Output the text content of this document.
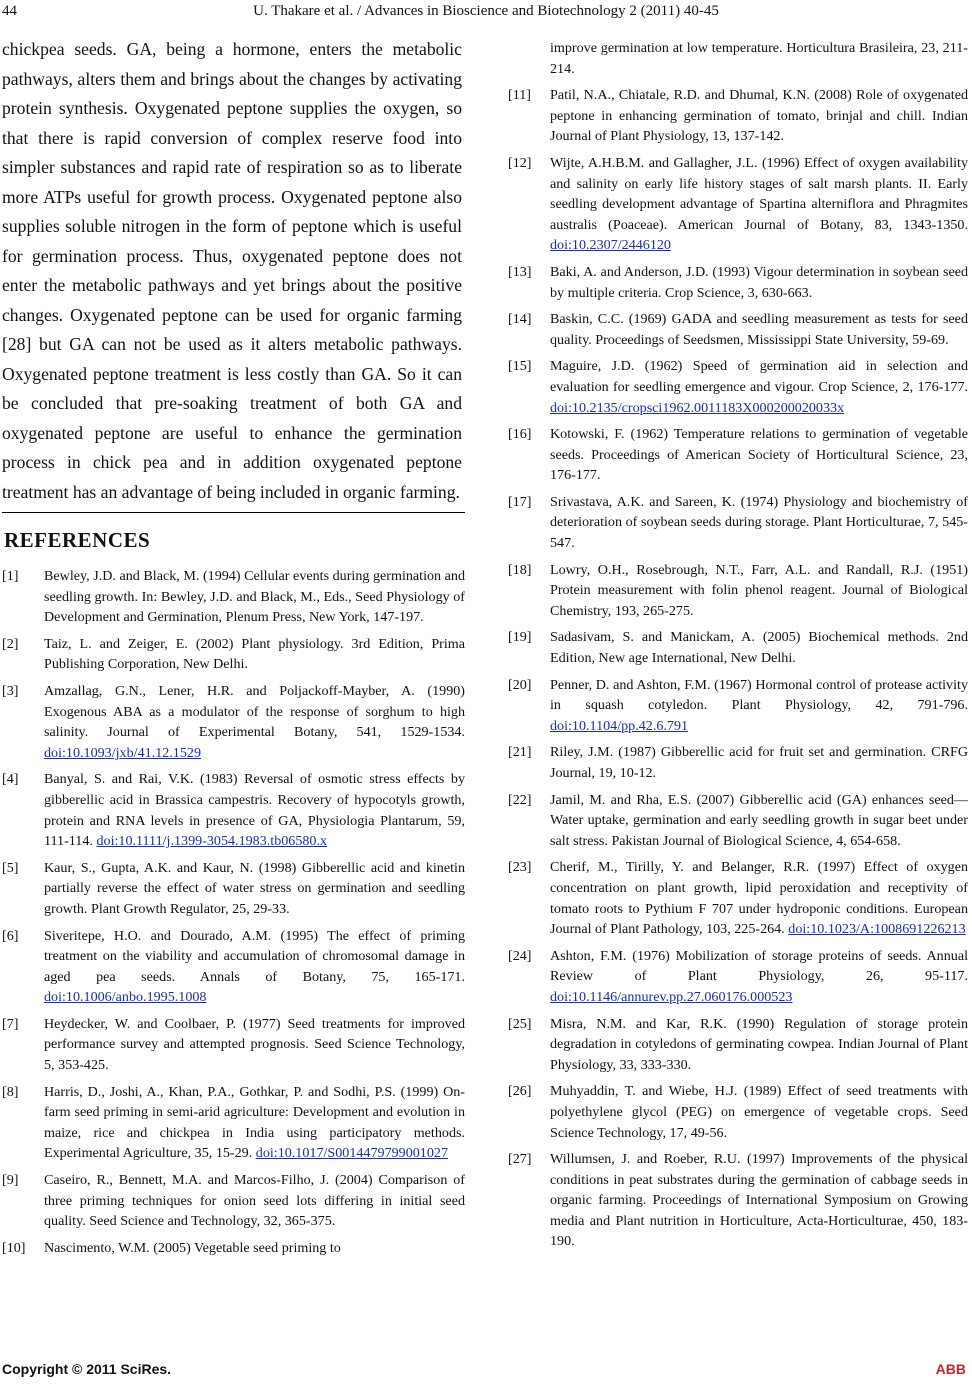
44	U. Thakare et al. / Advances in Bioscience and Biotechnology 2 (2011) 40-45
chickpea seeds. GA, being a hormone, enters the metabolic pathways, alters them and brings about the changes by activating protein synthesis. Oxygenated peptone supplies the oxygen, so that there is rapid conversion of complex reserve food into simpler substances and rapid rate of respiration so as to liberate more ATPs useful for growth process. Oxygenated peptone also supplies soluble nitrogen in the form of peptone which is useful for germination process. Thus, oxygenated peptone does not enter the metabolic pathways and yet brings about the positive changes. Oxygenated peptone can be used for organic farming [28] but GA can not be used as it alters metabolic pathways. Oxygenated peptone treatment is less costly than GA. So it can be concluded that pre-soaking treatment of both GA and oxygenated peptone are useful to enhance the germination process in chick pea and in addition oxygenated peptone treatment has an advantage of being included in organic farming.
REFERENCES
[1]	Bewley, J.D. and Black, M. (1994) Cellular events during germination and seedling growth. In: Bewley, J.D. and Black, M., Eds., Seed Physiology of Development and Germination, Plenum Press, New York, 147-197.
[2]	Taiz, L. and Zeiger, E. (2002) Plant physiology. 3rd Edition, Prima Publishing Corporation, New Delhi.
[3]	Amzallag, G.N., Lener, H.R. and Poljackoff-Mayber, A. (1990) Exogenous ABA as a modulator of the response of sorghum to high salinity. Journal of Experimental Botany, 541, 1529-1534. doi:10.1093/jxb/41.12.1529
[4]	Banyal, S. and Rai, V.K. (1983) Reversal of osmotic stress effects by gibberellic acid in Brassica campestris. Recovery of hypocotyls growth, protein and RNA levels in presence of GA, Physiologia Plantarum, 59, 111-114. doi:10.1111/j.1399-3054.1983.tb06580.x
[5]	Kaur, S., Gupta, A.K. and Kaur, N. (1998) Gibberellic acid and kinetin partially reverse the effect of water stress on germination and seedling growth. Plant Growth Regulator, 25, 29-33.
[6]	Siveritepe, H.O. and Dourado, A.M. (1995) The effect of priming treatment on the viability and accumulation of chromosomal damage in aged pea seeds. Annals of Botany, 75, 165-171. doi:10.1006/anbo.1995.1008
[7]	Heydecker, W. and Coolbaer, P. (1977) Seed treatments for improved performance survey and attempted prognosis. Seed Science Technology, 5, 353-425.
[8]	Harris, D., Joshi, A., Khan, P.A., Gothkar, P. and Sodhi, P.S. (1999) On-farm seed priming in semi-arid agriculture: Development and evolution in maize, rice and chickpea in India using participatory methods. Experimental Agriculture, 35, 15-29. doi:10.1017/S0014479799001027
[9]	Caseiro, R., Bennett, M.A. and Marcos-Filho, J. (2004) Comparison of three priming techniques for onion seed lots differing in initial seed quality. Seed Science and Technology, 32, 365-375.
[10]	Nascimento, W.M. (2005) Vegetable seed priming to
improve germination at low temperature. Horticultura Brasileira, 23, 211-214.
[11]	Patil, N.A., Chiatale, R.D. and Dhumal, K.N. (2008) Role of oxygenated peptone in enhancing germination of tomato, brinjal and chill. Indian Journal of Plant Physiology, 13, 137-142.
[12]	Wijte, A.H.B.M. and Gallagher, J.L. (1996) Effect of oxygen availability and salinity on early life history stages of salt marsh plants. II. Early seedling development advantage of Spartina alterniflora and Phragmites australis (Poaceae). American Journal of Botany, 83, 1343-1350. doi:10.2307/2446120
[13]	Baki, A. and Anderson, J.D. (1993) Vigour determination in soybean seed by multiple criteria. Crop Science, 3, 630-663.
[14]	Baskin, C.C. (1969) GADA and seedling measurement as tests for seed quality. Proceedings of Seedsmen, Mississippi State University, 59-69.
[15]	Maguire, J.D. (1962) Speed of germination aid in selection and evaluation for seedling emergence and vigour. Crop Science, 2, 176-177. doi:10.2135/cropsci1962.0011183X000200020033x
[16]	Kotowski, F. (1962) Temperature relations to germination of vegetable seeds. Proceedings of American Society of Horticultural Science, 23, 176-177.
[17]	Srivastava, A.K. and Sareen, K. (1974) Physiology and biochemistry of deterioration of soybean seeds during storage. Plant Horticulturae, 7, 545-547.
[18]	Lowry, O.H., Rosebrough, N.T., Farr, A.L. and Randall, R.J. (1951) Protein measurement with folin phenol reagent. Journal of Biological Chemistry, 193, 265-275.
[19]	Sadasivam, S. and Manickam, A. (2005) Biochemical methods. 2nd Edition, New age International, New Delhi.
[20]	Penner, D. and Ashton, F.M. (1967) Hormonal control of protease activity in squash cotyledon. Plant Physiology, 42, 791-796. doi:10.1104/pp.42.6.791
[21]	Riley, J.M. (1987) Gibberellic acid for fruit set and germination. CRFG Journal, 19, 10-12.
[22]	Jamil, M. and Rha, E.S. (2007) Gibberellic acid (GA) enhances seed—Water uptake, germination and early seedling growth in sugar beet under salt stress. Pakistan Journal of Biological Science, 4, 654-658.
[23]	Cherif, M., Tirilly, Y. and Belanger, R.R. (1997) Effect of oxygen concentration on plant growth, lipid peroxidation and receptivity of tomato roots to Pythium F 707 under hydroponic conditions. European Journal of Plant Pathology, 103, 225-264. doi:10.1023/A:1008691226213
[24]	Ashton, F.M. (1976) Mobilization of storage proteins of seeds. Annual Review of Plant Physiology, 26, 95-117. doi:10.1146/annurev.pp.27.060176.000523
[25]	Misra, N.M. and Kar, R.K. (1990) Regulation of storage protein degradation in cotyledons of germinating cowpea. Indian Journal of Plant Physiology, 33, 333-330.
[26]	Muhyaddin, T. and Wiebe, H.J. (1989) Effect of seed treatments with polyethylene glycol (PEG) on emergence of vegetable crops. Seed Science Technology, 17, 49-56.
[27]	Willumsen, J. and Roeber, R.U. (1997) Improvements of the physical conditions in peat substrates during the germination of cabbage seeds in organic farming. Proceedings of International Symposium on Growing media and Plant nutrition in Horticulture, Acta-Horticulturae, 450, 183-190.
Copyright © 2011 SciRes.	ABB
